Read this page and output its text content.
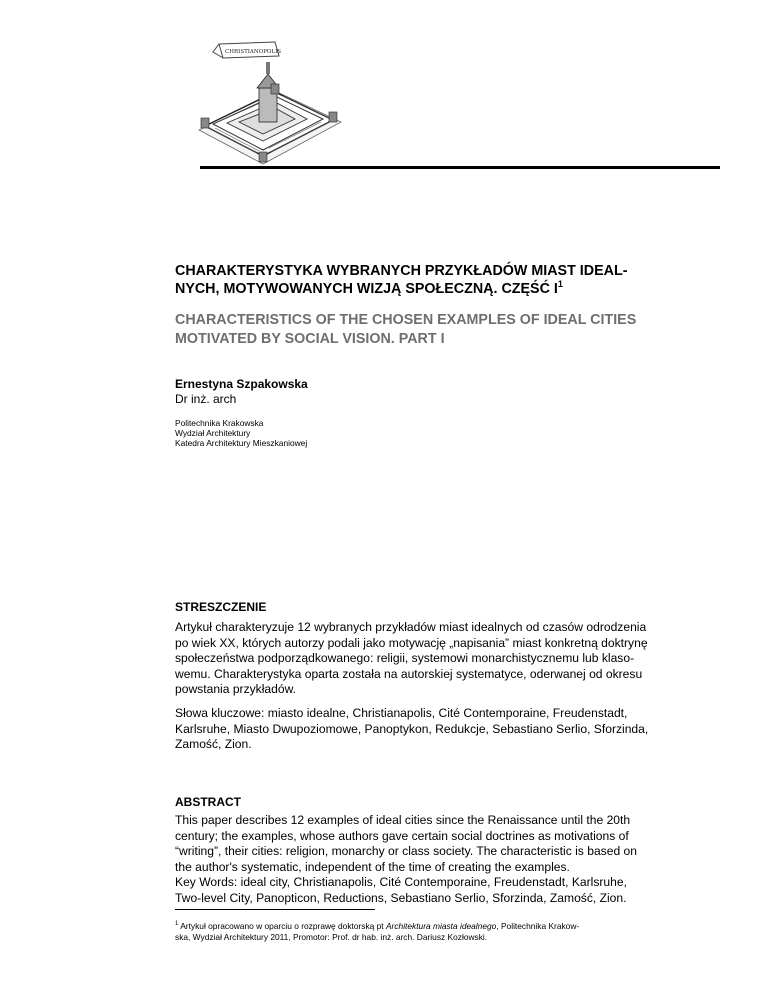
CHRISTIANOPOLIS
CHARAKTERYSTYKA WYBRANYCH PRZYKŁADÓW MIAST IDEAL-
NYCH, MOTYWOWANYCH WIZJĄ SPOŁECZNĄ. CZĘŚĆ $I^1$
CHARACTERISTICS OF THE CHOSEN EXAMPLES OF IDEAL CITIES
MOTIVATED BY SOCIAL VISION. PART I
Ernestyna Szpakowska
Dr inż. arch
Politechnika Krakowska
Wydział Architektury
Katedra Architektury Mieszkaniowej
STRESZCZENIE
Artykuł charakteryzuje 12 wybranych przykładów miast idealnych od czasów odrodzenia
po wiek XX, których autorzy podali jako motywację „napisania” miast konkretną doktrynę
społeczeństwa podporządkowanego: religii, systemowi monarchistycznemu lub klaso-
wemu. Charakterystyka oparta została na autorskiej systematyce, oderwanej od okresu
powstania przykładów.
Słowa kluczowe: miasto idealne, Christianapolis, Cité Contemporaine, Freudenstadt,
Karlsruhe, Miasto Dwupoziomowe, Panoptykon, Redukcje, Sebastiano Serlio, Sforzinda,
Zamość, Zion.
ABSTRACT
This paper describes 12 examples of ideal cities since the Renaissance until the 20th
century; the examples, whose authors gave certain social doctrines as motivations of
“writing”, their cities: religion, monarchy or class society. The characteristic is based on
the author's systematic, independent of the time of creating the examples.
Key Words: ideal city, Christianapolis, Cité Contemporaine, Freudenstadt, Karlsruhe,
Two-level City, Panopticon, Reductions, Sebastiano Serlio, Sforzinda, Zamość, Zion.
$^1$ Artykuł opracowano w oparciu o rozprawę doktorską pt Architektura miasta idealnego, Politechnika Krakow-
ska, Wydział Architektury 2011, Promotor: Prof. dr hab. inż. arch. Dariusz Kozłowski.
